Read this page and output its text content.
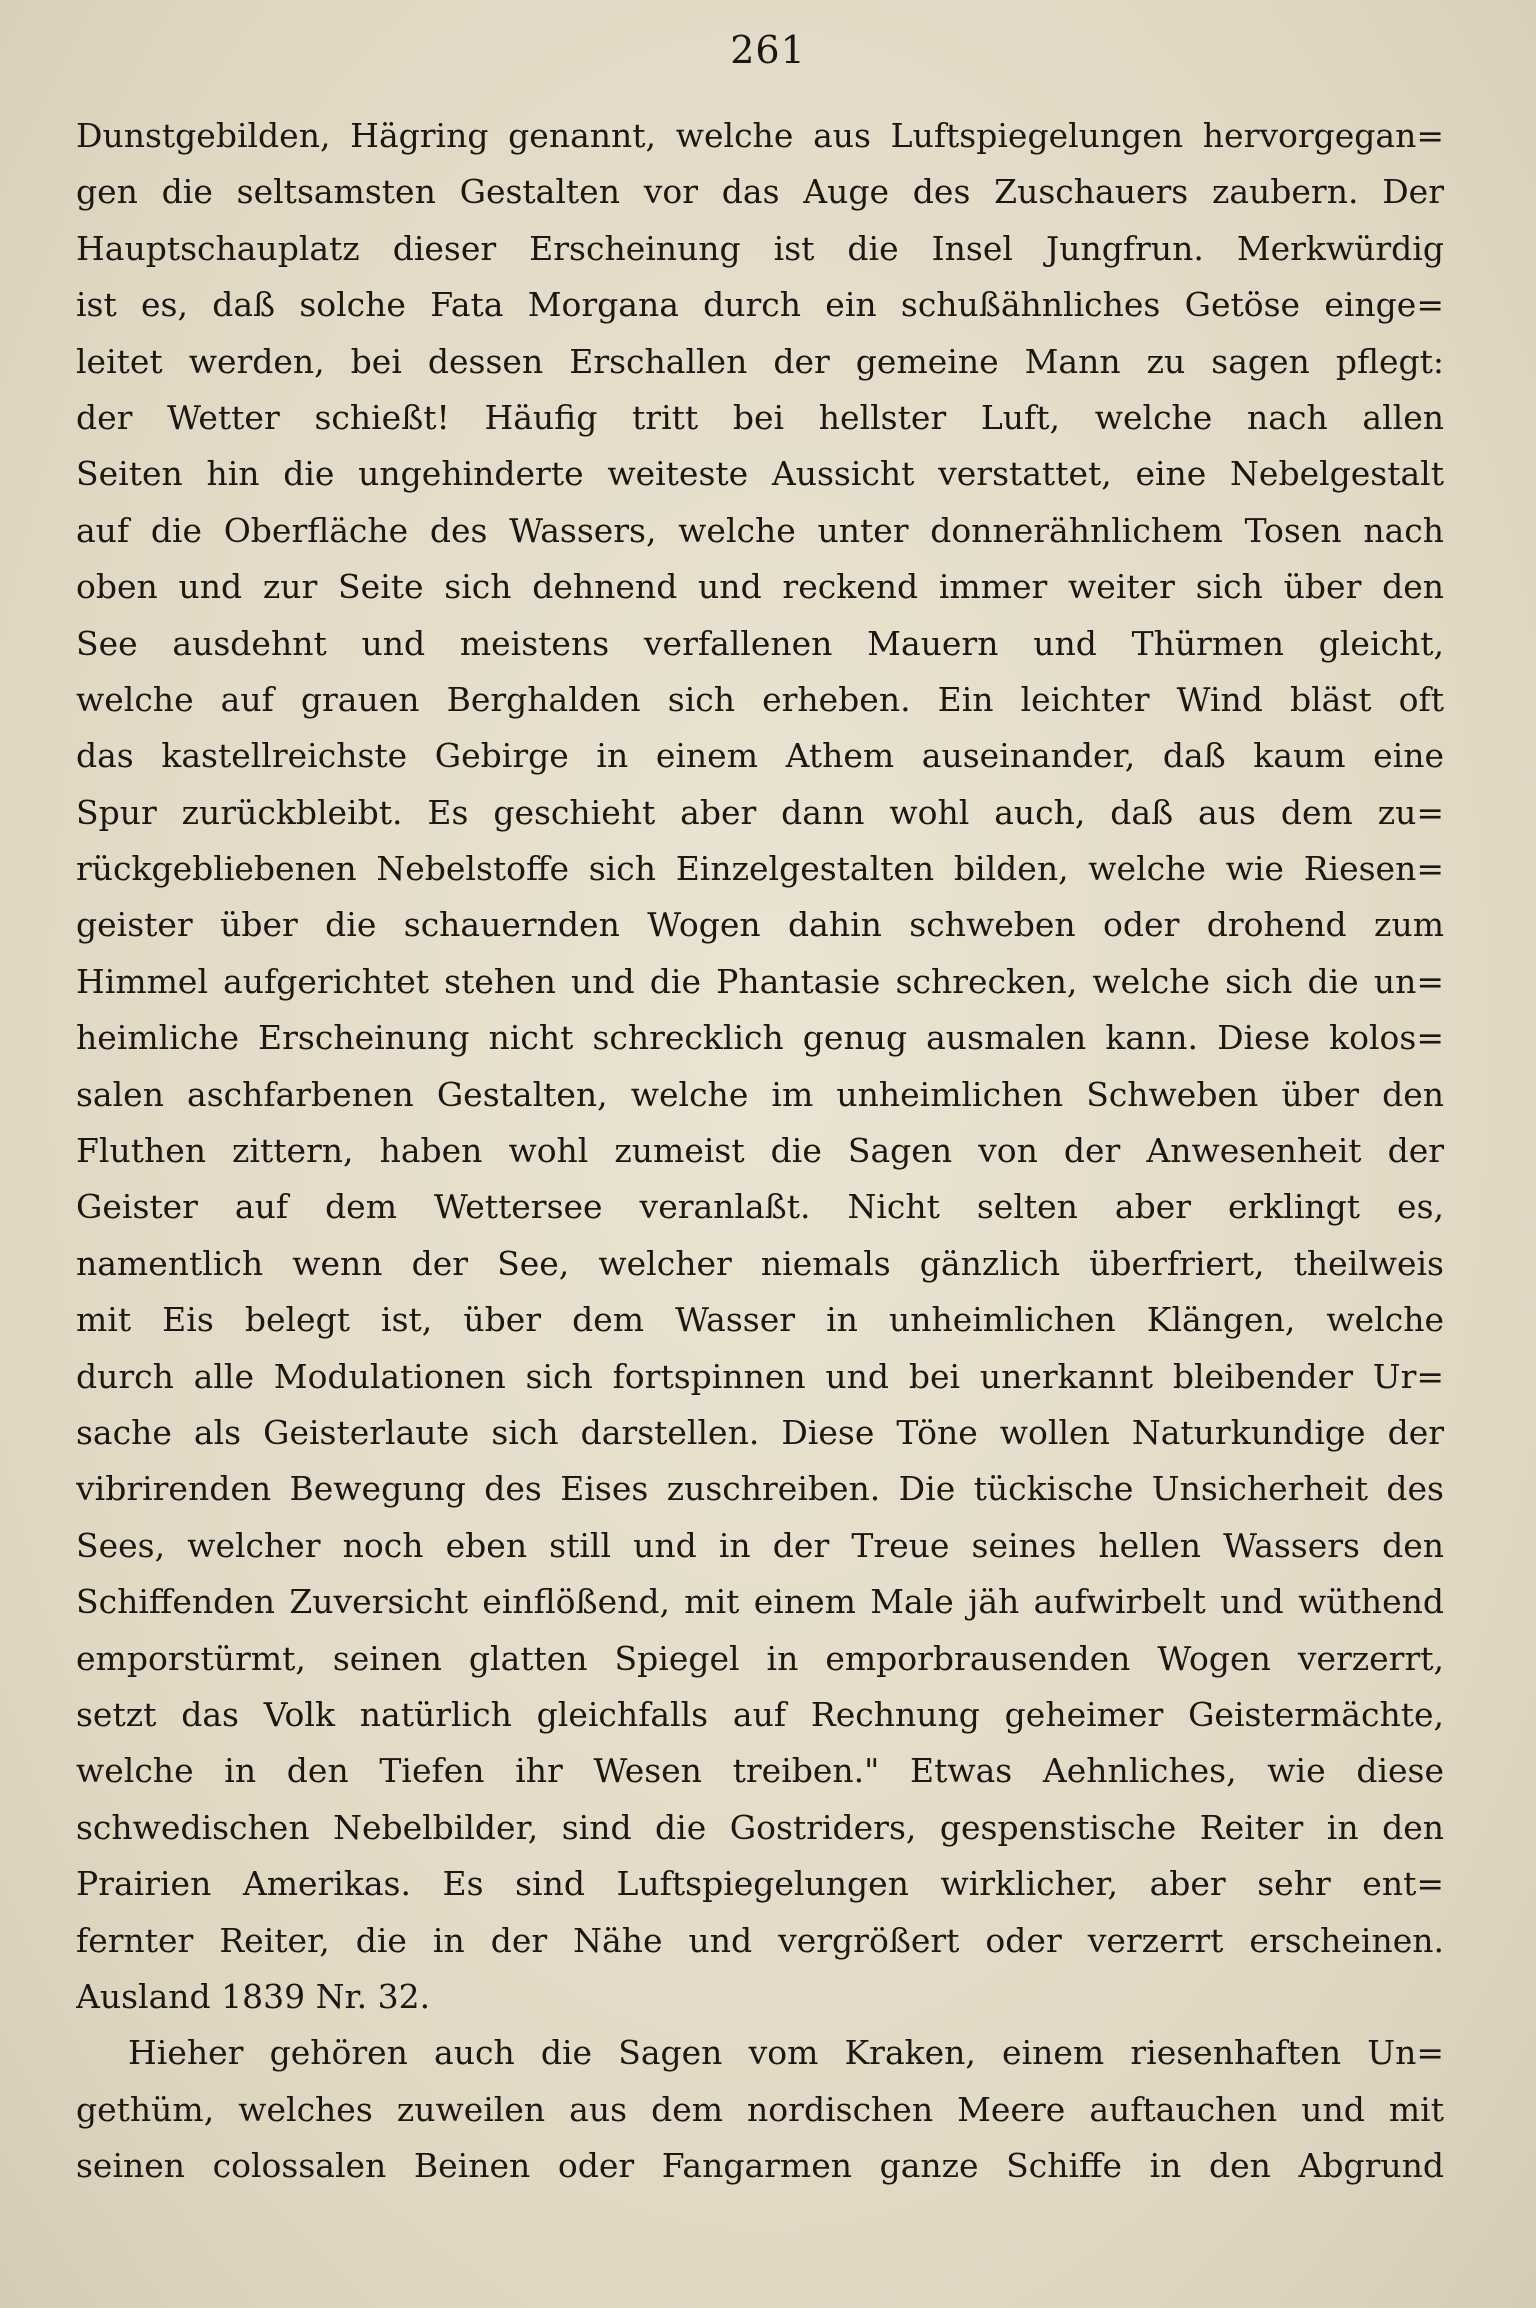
261
Dunstgebilden, Hägring genannt, welche aus Luftspiegelungen hervorgegan=
gen die seltsamsten Gestalten vor das Auge des Zuschauers zaubern. Der
Hauptschauplatz dieser Erscheinung ist die Insel Jungfrun. Merkwürdig
ist es, daß solche Fata Morgana durch ein schußähnliches Getöse einge=
leitet werden, bei dessen Erschallen der gemeine Mann zu sagen pflegt:
der Wetter schießt! Häufig tritt bei hellster Luft, welche nach allen
Seiten hin die ungehinderte weiteste Aussicht verstattet, eine Nebelgestalt
auf die Oberfläche des Wassers, welche unter donnerähnlichem Tosen nach
oben und zur Seite sich dehnend und reckend immer weiter sich über den
See ausdehnt und meistens verfallenen Mauern und Thürmen gleicht,
welche auf grauen Berghalden sich erheben. Ein leichter Wind bläst oft
das kastellreichste Gebirge in einem Athem auseinander, daß kaum eine
Spur zurückbleibt. Es geschieht aber dann wohl auch, daß aus dem zu=
rückgebliebenen Nebelstoffe sich Einzelgestalten bilden, welche wie Riesen=
geister über die schauernden Wogen dahin schweben oder drohend zum
Himmel aufgerichtet stehen und die Phantasie schrecken, welche sich die un=
heimliche Erscheinung nicht schrecklich genug ausmalen kann. Diese kolos=
salen aschfarbenen Gestalten, welche im unheimlichen Schweben über den
Fluthen zittern, haben wohl zumeist die Sagen von der Anwesenheit der
Geister auf dem Wettersee veranlaßt. Nicht selten aber erklingt es,
namentlich wenn der See, welcher niemals gänzlich überfriert, theilweis
mit Eis belegt ist, über dem Wasser in unheimlichen Klängen, welche
durch alle Modulationen sich fortspinnen und bei unerkannt bleibender Ur=
sache als Geisterlaute sich darstellen. Diese Töne wollen Naturkundige der
vibrirenden Bewegung des Eises zuschreiben. Die tückische Unsicherheit des
Sees, welcher noch eben still und in der Treue seines hellen Wassers den
Schiffenden Zuversicht einflößend, mit einem Male jäh aufwirbelt und wüthend
emporstürmt, seinen glatten Spiegel in emporbrausenden Wogen verzerrt,
setzt das Volk natürlich gleichfalls auf Rechnung geheimer Geistermächte,
welche in den Tiefen ihr Wesen treiben." Etwas Aehnliches, wie diese
schwedischen Nebelbilder, sind die Gostriders, gespenstische Reiter in den
Prairien Amerikas. Es sind Luftspiegelungen wirklicher, aber sehr ent=
fernter Reiter, die in der Nähe und vergrößert oder verzerrt erscheinen.
Ausland 1839 Nr. 32.
Hieher gehören auch die Sagen vom Kraken, einem riesenhaften Un=
gethüm, welches zuweilen aus dem nordischen Meere auftauchen und mit
seinen colossalen Beinen oder Fangarmen ganze Schiffe in den Abgrund
